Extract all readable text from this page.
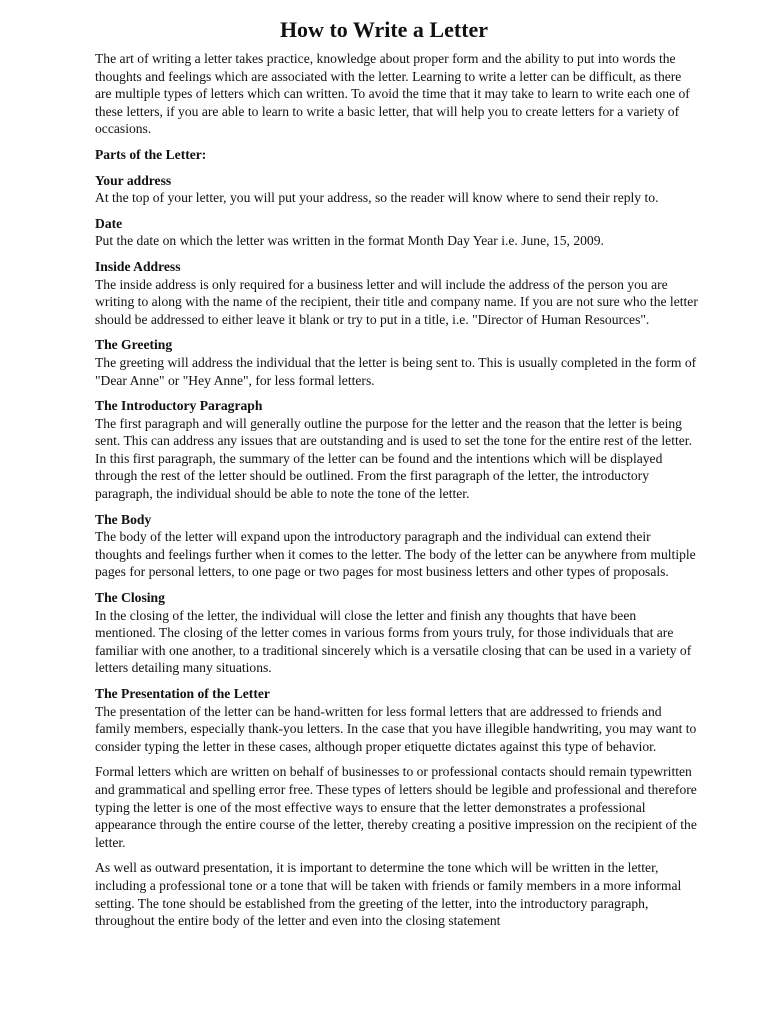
How to Write a Letter

The art of writing a letter takes practice, knowledge about proper form and the ability to put into words the thoughts and feelings which are associated with the letter. Learning to write a letter can be difficult, as there are multiple types of letters which can written. To avoid the time that it may take to learn to write each one of these letters, if you are able to learn to write a basic letter, that will help you to create letters for a variety of occasions.

Parts of the Letter:

Your address
At the top of your letter, you will put your address, so the reader will know where to send their reply to.
Date
Put the date on which the letter was written in the format Month Day Year i.e. June, 15, 2009.
Inside Address
The inside address is only required for a business letter and will include the address of the person you are writing to along with the name of the recipient, their title and company name. If you are not sure who the letter should be addressed to either leave it blank or try to put in a title, i.e. "Director of Human Resources".
The Greeting
The greeting will address the individual that the letter is being sent to. This is usually completed in the form of "Dear Anne" or "Hey Anne", for less formal letters.
The Introductory Paragraph
The first paragraph and will generally outline the purpose for the letter and the reason that the letter is being sent. This can address any issues that are outstanding and is used to set the tone for the entire rest of the letter. In this first paragraph, the summary of the letter can be found and the intentions which will be displayed through the rest of the letter should be outlined. From the first paragraph of the letter, the introductory paragraph, the individual should be able to note the tone of the letter.
The Body
The body of the letter will expand upon the introductory paragraph and the individual can extend their thoughts and feelings further when it comes to the letter. The body of the letter can be anywhere from multiple pages for personal letters, to one page or two pages for most business letters and other types of proposals.
The Closing
In the closing of the letter, the individual will close the letter and finish any thoughts that have been mentioned. The closing of the letter comes in various forms from yours truly, for those individuals that are familiar with one another, to a traditional sincerely which is a versatile closing that can be used in a variety of letters detailing many situations.
The Presentation of the Letter
The presentation of the letter can be hand-written for less formal letters that are addressed to friends and family members, especially thank-you letters. In the case that you have illegible handwriting, you may want to consider typing the letter in these cases, although proper etiquette dictates against this type of behavior.

Formal letters which are written on behalf of businesses to or professional contacts should remain typewritten and grammatical and spelling error free. These types of letters should be legible and professional and therefore typing the letter is one of the most effective ways to ensure that the letter demonstrates a professional appearance through the entire course of the letter, thereby creating a positive impression on the recipient of the letter.

As well as outward presentation, it is important to determine the tone which will be written in the letter, including a professional tone or a tone that will be taken with friends or family members in a more informal setting. The tone should be established from the greeting of the letter, into the introductory paragraph, throughout the entire body of the letter and even into the closing statement
